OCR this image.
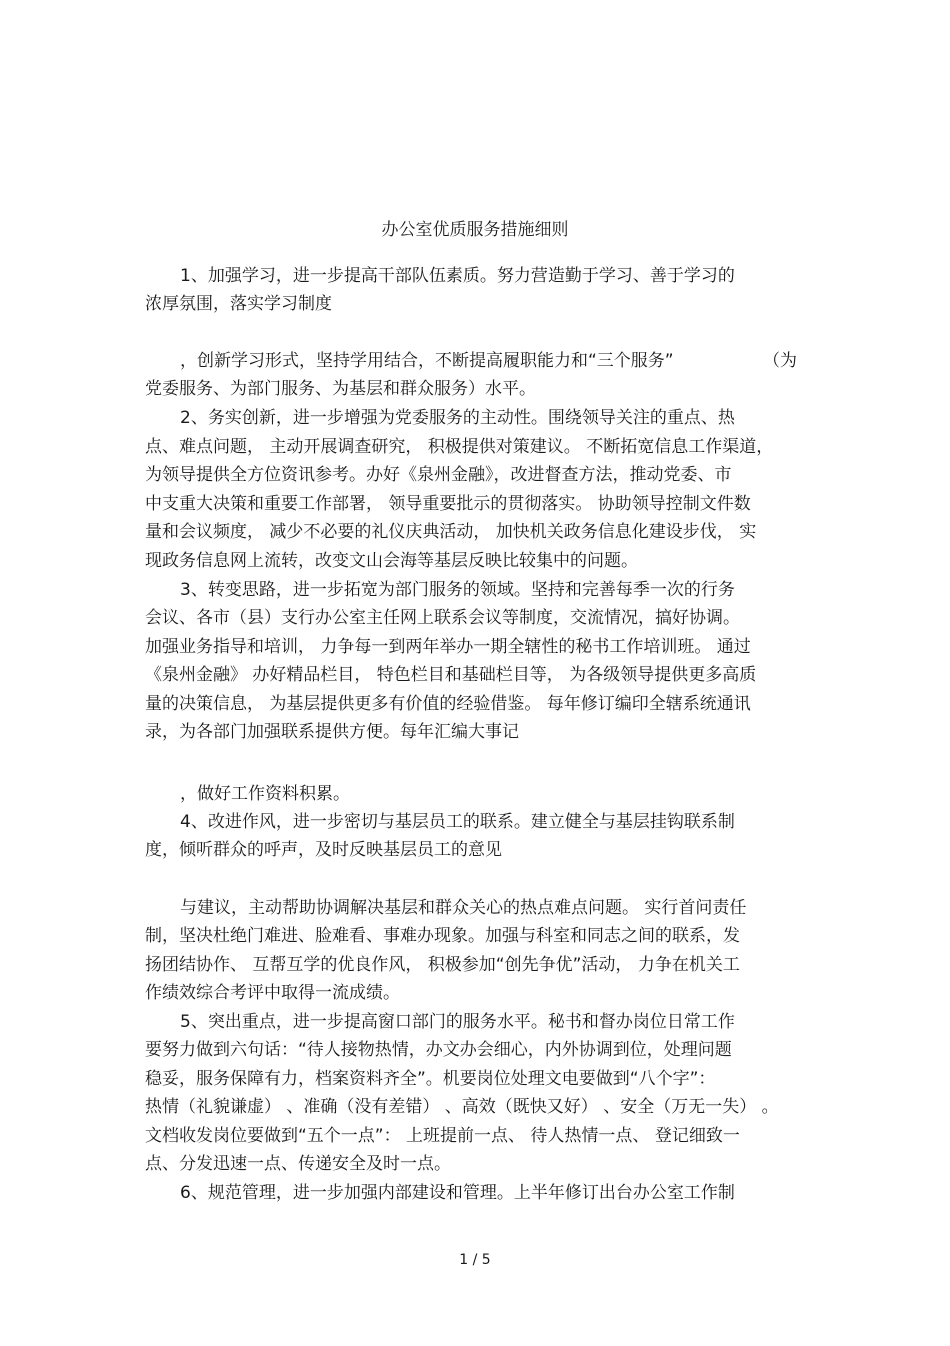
办公室优质服务措施细则
1、加强学习，进一步提高干部队伍素质。努力营造勤于学习、善于学习的
浓厚氛围，落实学习制度
，创新学习形式，坚持学用结合，不断提高履职能力和“三个服务”	（为
党委服务、为部门服务、为基层和群众服务）水平。
2、务实创新，进一步增强为党委服务的主动性。围绕领导关注的重点、热
点、难点问题， 主动开展调查研究， 积极提供对策建议。 不断拓宽信息工作渠道，
为领导提供全方位资讯参考。办好《泉州金融》，改进督查方法，推动党委、市
中支重大决策和重要工作部署， 领导重要批示的贯彻落实。 协助领导控制文件数
量和会议频度， 减少不必要的礼仪庆典活动， 加快机关政务信息化建设步伐， 实
现政务信息网上流转，改变文山会海等基层反映比较集中的问题。
3、转变思路，进一步拓宽为部门服务的领域。坚持和完善每季一次的行务
会议、各市（县）支行办公室主任网上联系会议等制度，交流情况，搞好协调。
加强业务指导和培训， 力争每一到两年举办一期全辖性的秘书工作培训班。 通过
《泉州金融》 办好精品栏目， 特色栏目和基础栏目等， 为各级领导提供更多高质
量的决策信息， 为基层提供更多有价值的经验借鉴。 每年修订编印全辖系统通讯
录，为各部门加强联系提供方便。每年汇编大事记
，做好工作资料积累。
4、改进作风，进一步密切与基层员工的联系。建立健全与基层挂钩联系制
度，倾听群众的呼声，及时反映基层员工的意见
与建议，主动帮助协调解决基层和群众关心的热点难点问题。 实行首问责任
制，坚决杜绝门难进、脸难看、事难办现象。加强与科室和同志之间的联系，发
扬团结协作、 互帮互学的优良作风， 积极参加“创先争优”活动， 力争在机关工
作绩效综合考评中取得一流成绩。
5、突出重点，进一步提高窗口部门的服务水平。秘书和督办岗位日常工作
要努力做到六句话：“待人接物热情，办文办会细心，内外协调到位，处理问题
稳妥，服务保障有力，档案资料齐全”。机要岗位处理文电要做到“八个字”：
热情（礼貌谦虚） 、准确（没有差错） 、高效（既快又好） 、安全（万无一失） 。
文档收发岗位要做到“五个一点”： 上班提前一点、 待人热情一点、 登记细致一
点、分发迅速一点、传递安全及时一点。
6、规范管理，进一步加强内部建设和管理。上半年修订出台办公室工作制
1 / 5
